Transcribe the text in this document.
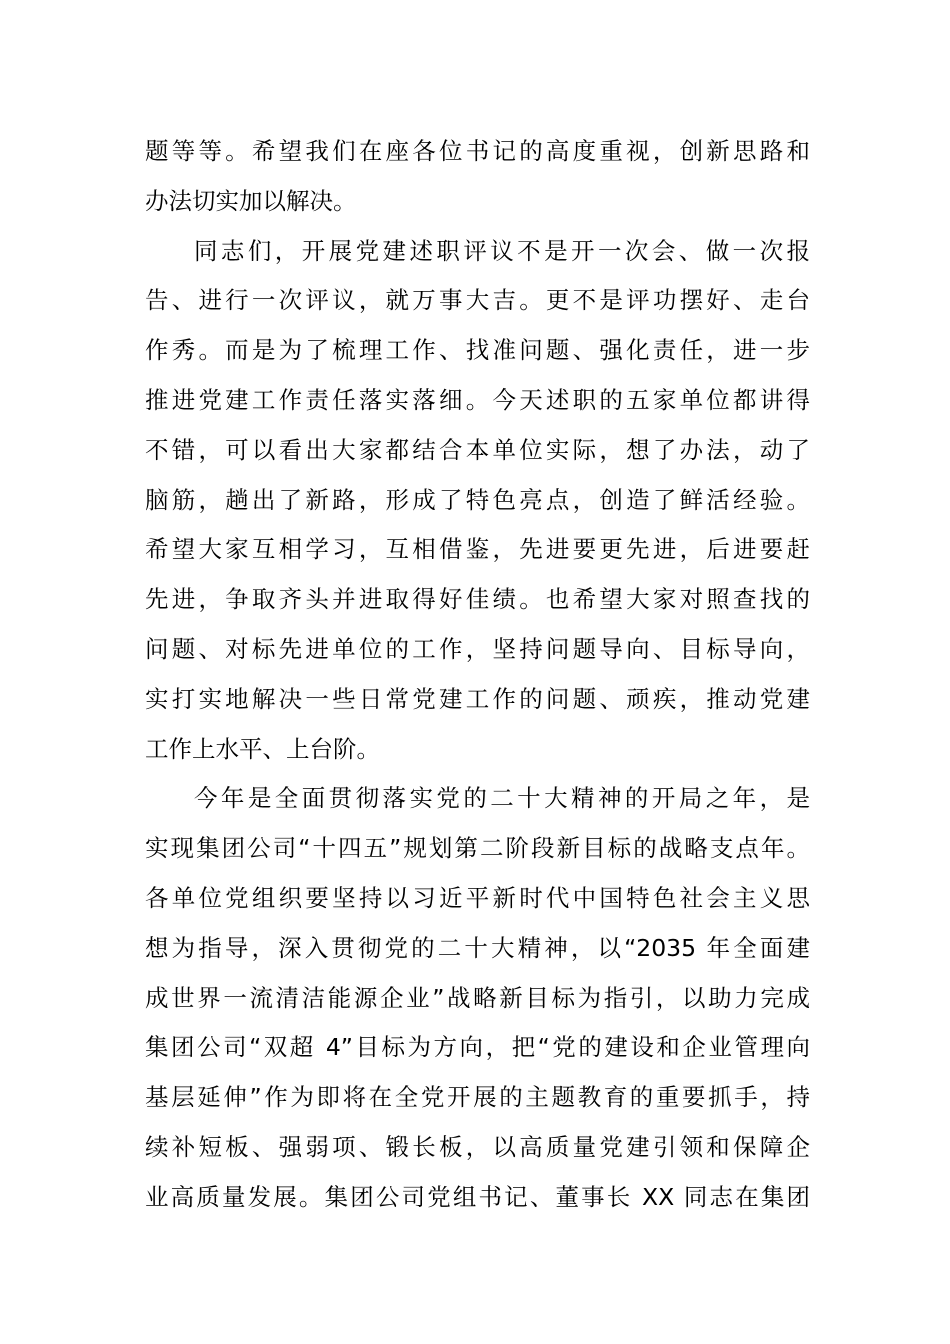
题等等。希望我们在座各位书记的高度重视，创新思路和
办法切实加以解决。
同志们，开展党建述职评议不是开一次会、做一次报
告、进行一次评议，就万事大吉。更不是评功摆好、走台
作秀。而是为了梳理工作、找准问题、强化责任，进一步
推进党建工作责任落实落细。今天述职的五家单位都讲得
不错，可以看出大家都结合本单位实际，想了办法，动了
脑筋，趟出了新路，形成了特色亮点，创造了鲜活经验。
希望大家互相学习，互相借鉴，先进要更先进，后进要赶
先进，争取齐头并进取得好佳绩。也希望大家对照查找的
问题、对标先进单位的工作，坚持问题导向、目标导向，
实打实地解决一些日常党建工作的问题、顽疾，推动党建
工作上水平、上台阶。
今年是全面贯彻落实党的二十大精神的开局之年，是
实现集团公司“十四五”规划第二阶段新目标的战略支点年。
各单位党组织要坚持以习近平新时代中国特色社会主义思
想为指导，深入贯彻党的二十大精神，以“2035 年全面建
成世界一流清洁能源企业”战略新目标为指引，以助力完成
集团公司“双超 4”目标为方向，把“党的建设和企业管理向
基层延伸”作为即将在全党开展的主题教育的重要抓手，持
续补短板、强弱项、锻长板，以高质量党建引领和保障企
业高质量发展。集团公司党组书记、董事长 XX 同志在集团
